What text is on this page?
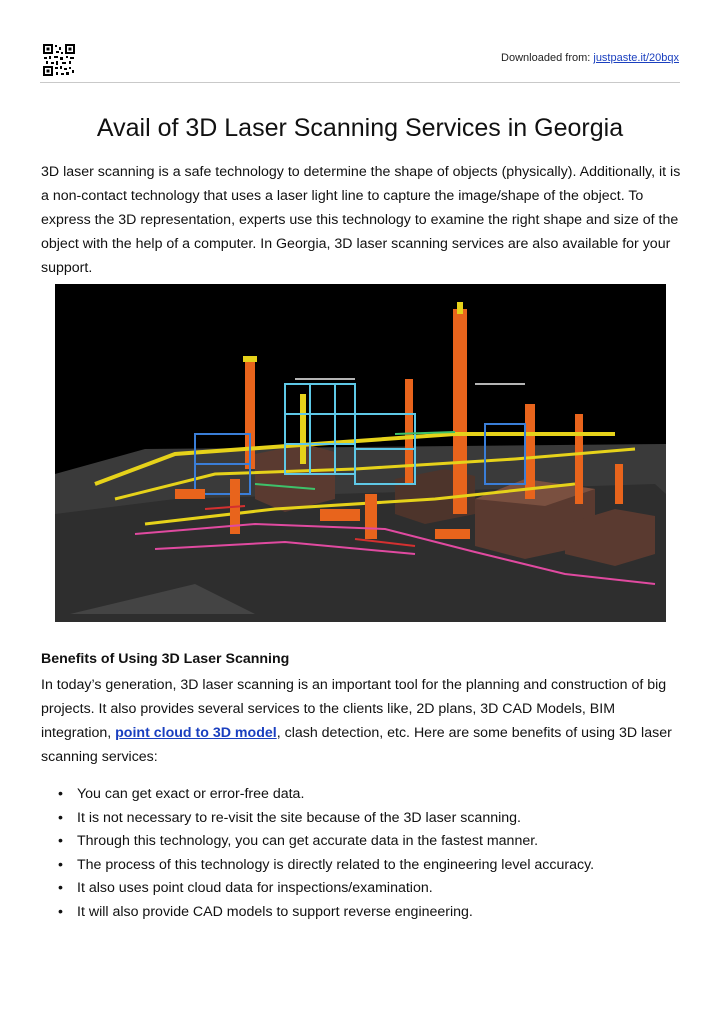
Downloaded from: justpaste.it/20bqx
Avail of 3D Laser Scanning Services in Georgia

3D laser scanning is a safe technology to determine the shape of objects (physically). Additionally, it is a non-contact technology that uses a laser light line to capture the image/shape of the object. To express the 3D representation, experts use this technology to examine the right shape and size of the object with the help of a computer. In Georgia, 3D laser scanning services are also available for your support.

Benefits of Using 3D Laser Scanning

In today’s generation, 3D laser scanning is an important tool for the planning and construction of big projects. It also provides several services to the clients like, 2D plans, 3D CAD Models, BIM integration, point cloud to 3D model, clash detection, etc. Here are some benefits of using 3D laser scanning services:

• You can get exact or error-free data.
• It is not necessary to re-visit the site because of the 3D laser scanning.
• Through this technology, you can get accurate data in the fastest manner.
• The process of this technology is directly related to the engineering level accuracy.
• It also uses point cloud data for inspections/examination.
• It will also provide CAD models to support reverse engineering.
